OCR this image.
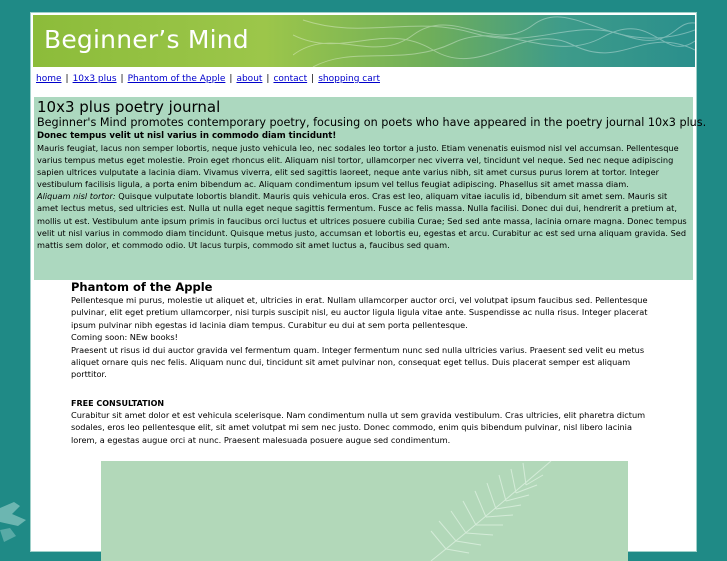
Beginner’s Mind
home | 10x3 plus | Phantom of the Apple | about | contact | shopping cart
10x3 plus poetry journal
Beginner's Mind promotes contemporary poetry, focusing on poets who have appeared in the poetry journal 10x3 plus.
Donec tempus velit ut nisl varius in commodo diam tincidunt!

Mauris feugiat, lacus non semper lobortis, neque justo vehicula leo, nec sodales leo tortor a justo. Etiam venenatis euismod nisl vel accumsan. Pellentesque varius tempus metus eget molestie. Proin eget rhoncus elit. Aliquam nisl tortor, ullamcorper nec viverra vel, tincidunt vel neque. Sed nec neque adipiscing sapien ultrices vulputate a lacinia diam. Vivamus viverra, elit sed sagittis laoreet, neque ante varius nibh, sit amet cursus purus lorem at tortor. Integer vestibulum facilisis ligula, a porta enim bibendum ac. Aliquam condimentum ipsum vel tellus feugiat adipiscing. Phasellus sit amet massa diam.

Aliquam nisl tortor: Quisque vulputate lobortis blandit. Mauris quis vehicula eros. Cras est leo, aliquam vitae iaculis id, bibendum sit amet sem. Mauris sit amet lectus metus, sed ultricies est. Nulla ut nulla eget neque sagittis fermentum. Fusce ac felis massa. Nulla facilisi. Donec dui dui, hendrerit a pretium at, mollis ut est. Vestibulum ante ipsum primis in faucibus orci luctus et ultrices posuere cubilia Curae; Sed sed ante massa, lacinia ornare magna. Donec tempus velit ut nisl varius in commodo diam tincidunt. Quisque metus justo, accumsan et lobortis eu, egestas et arcu. Curabitur ac est sed urna aliquam gravida. Sed mattis sem dolor, et commodo odio. Ut lacus turpis, commodo sit amet luctus a, faucibus sed quam.

Phantom of the Apple

Pellentesque mi purus, molestie ut aliquet et, ultricies in erat. Nullam ullamcorper auctor orci, vel volutpat ipsum faucibus sed. Pellentesque pulvinar, elit eget pretium ullamcorper, nisi turpis suscipit nisl, eu auctor ligula ligula vitae ante. Suspendisse ac nulla risus. Integer placerat ipsum pulvinar nibh egestas id lacinia diam tempus. Curabitur eu dui at sem porta pellentesque.

Coming soon: NEw books!

Praesent ut risus id dui auctor gravida vel fermentum quam. Integer fermentum nunc sed nulla ultricies varius. Praesent sed velit eu metus aliquet ornare quis nec felis. Aliquam nunc dui, tincidunt sit amet pulvinar non, consequat eget tellus. Duis placerat semper est aliquam porttitor.

FREE CONSULTATION

Curabitur sit amet dolor et est vehicula scelerisque. Nam condimentum nulla ut sem gravida vestibulum. Cras ultricies, elit pharetra dictum sodales, eros leo pellentesque elit, sit amet volutpat mi sem nec justo. Donec commodo, enim quis bibendum pulvinar, nisl libero lacinia lorem, a egestas augue orci at nunc. Praesent malesuada posuere augue sed condimentum.
